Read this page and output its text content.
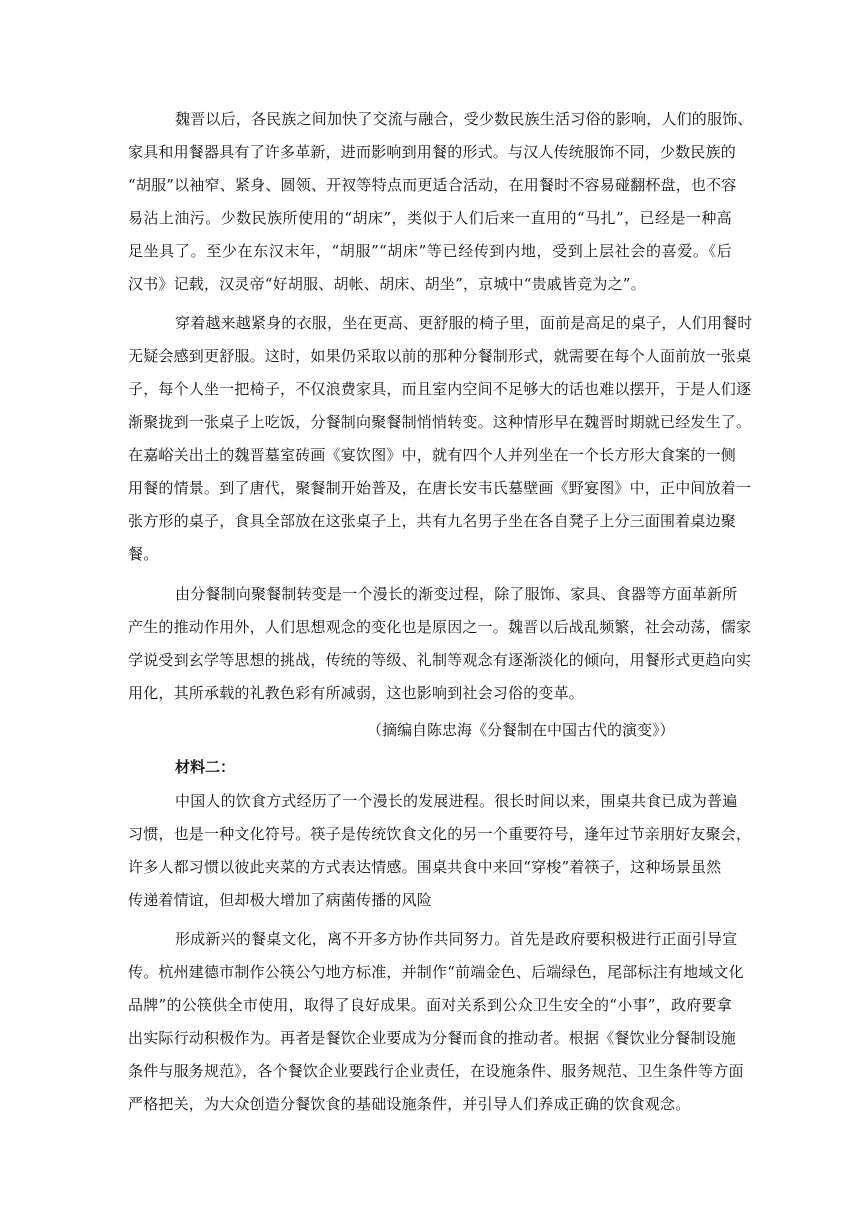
魏晋以后，各民族之间加快了交流与融合，受少数民族生活习俗的影响，人们的服饰、
家具和用餐器具有了许多革新，进而影响到用餐的形式。与汉人传统服饰不同，少数民族的
“胡服”以袖窄、紧身、圆领、开衩等特点而更适合活动，在用餐时不容易碰翻杯盘，也不容
易沾上油污。少数民族所使用的“胡床”，类似于人们后来一直用的“马扎”，已经是一种高
足坐具了。至少在东汉末年，“胡服”“胡床”等已经传到内地，受到上层社会的喜爱。《后
汉书》记载，汉灵帝“好胡服、胡帐、胡床、胡坐”，京城中“贵戚皆竞为之”。
穿着越来越紧身的衣服，坐在更高、更舒服的椅子里，面前是高足的桌子，人们用餐时
无疑会感到更舒服。这时，如果仍采取以前的那种分餐制形式，就需要在每个人面前放一张桌
子，每个人坐一把椅子，不仅浪费家具，而且室内空间不足够大的话也难以摆开，于是人们逐
渐聚拢到一张桌子上吃饭，分餐制向聚餐制悄悄转变。这种情形早在魏晋时期就已经发生了。
在嘉峪关出土的魏晋墓室砖画《宴饮图》中，就有四个人并列坐在一个长方形大食案的一侧
用餐的情景。到了唐代，聚餐制开始普及，在唐长安韦氏墓壁画《野宴图》中，正中间放着一
张方形的桌子，食具全部放在这张桌子上，共有九名男子坐在各自凳子上分三面围着桌边聚
餐。
由分餐制向聚餐制转变是一个漫长的渐变过程，除了服饰、家具、食器等方面革新所
产生的推动作用外，人们思想观念的变化也是原因之一。魏晋以后战乱频繁，社会动荡，儒家
学说受到玄学等思想的挑战，传统的等级、礼制等观念有逐渐淡化的倾向，用餐形式更趋向实
用化，其所承载的礼教色彩有所减弱，这也影响到社会习俗的变革。
（摘编自陈忠海《分餐制在中国古代的演变》）
材料二：
中国人的饮食方式经历了一个漫长的发展进程。很长时间以来，围桌共食已成为普遍
习惯，也是一种文化符号。筷子是传统饮食文化的另一个重要符号，逢年过节亲朋好友聚会，
许多人都习惯以彼此夹菜的方式表达情感。围桌共食中来回“穿梭”着筷子，这种场景虽然
传递着情谊，但却极大增加了病菌传播的风险
形成新兴的餐桌文化，离不开多方协作共同努力。首先是政府要积极进行正面引导宣
传。杭州建德市制作公筷公勺地方标准，并制作“前端金色、后端绿色，尾部标注有地域文化
品牌”的公筷供全市使用，取得了良好成果。面对关系到公众卫生安全的“小事”，政府要拿
出实际行动积极作为。再者是餐饮企业要成为分餐而食的推动者。根据《餐饮业分餐制设施
条件与服务规范》，各个餐饮企业要践行企业责任，在设施条件、服务规范、卫生条件等方面
严格把关，为大众创造分餐饮食的基础设施条件，并引导人们养成正确的饮食观念。
